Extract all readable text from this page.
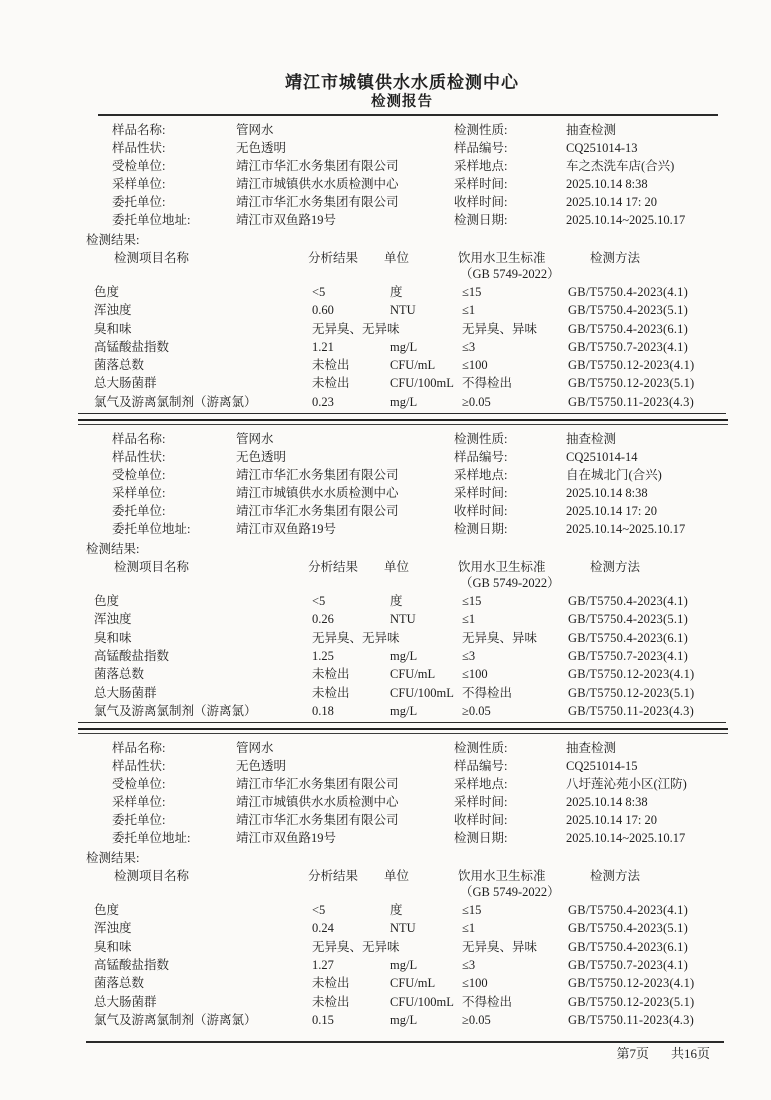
靖江市城镇供水水质检测中心
检测报告
样品名称:	管网水	检测性质:	抽查检测
样品性状:	无色透明	样品编号:	CQ251014-13
受检单位:	靖江市华汇水务集团有限公司	采样地点:	车之杰洗车店(合兴)
采样单位:	靖江市城镇供水水质检测中心	采样时间:	2025.10.14 8:38
委托单位:	靖江市华汇水务集团有限公司	收样时间:	2025.10.14 17: 20
委托单位地址:	靖江市双鱼路19号	检测日期:	2025.10.14~2025.10.17
检测结果:
检测项目名称	分析结果	单位	饮用水卫生标准	检测方法
（GB 5749-2022）
色度	<5	度	≤15	GB/T5750.4-2023(4.1)
浑浊度	0.60	NTU	≤1	GB/T5750.4-2023(5.1)
臭和味	无异臭、无异味	无异臭、异味	GB/T5750.4-2023(6.1)
高锰酸盐指数	1.21	mg/L	≤3	GB/T5750.7-2023(4.1)
菌落总数	未检出	CFU/mL	≤100	GB/T5750.12-2023(4.1)
总大肠菌群	未检出	CFU/100mL 不得检出	GB/T5750.12-2023(5.1)
氯气及游离氯制剂（游离氯）	0.23	mg/L	≥0.05	GB/T5750.11-2023(4.3)
样品名称:	管网水	检测性质:	抽查检测
样品性状:	无色透明	样品编号:	CQ251014-14
受检单位:	靖江市华汇水务集团有限公司	采样地点:	自在城北门(合兴)
采样单位:	靖江市城镇供水水质检测中心	采样时间:	2025.10.14 8:38
委托单位:	靖江市华汇水务集团有限公司	收样时间:	2025.10.14 17: 20
委托单位地址:	靖江市双鱼路19号	检测日期:	2025.10.14~2025.10.17
检测结果:
检测项目名称	分析结果	单位	饮用水卫生标准	检测方法
（GB 5749-2022）
色度	<5	度	≤15	GB/T5750.4-2023(4.1)
浑浊度	0.26	NTU	≤1	GB/T5750.4-2023(5.1)
臭和味	无异臭、无异味	无异臭、异味	GB/T5750.4-2023(6.1)
高锰酸盐指数	1.25	mg/L	≤3	GB/T5750.7-2023(4.1)
菌落总数	未检出	CFU/mL	≤100	GB/T5750.12-2023(4.1)
总大肠菌群	未检出	CFU/100mL 不得检出	GB/T5750.12-2023(5.1)
氯气及游离氯制剂（游离氯）	0.18	mg/L	≥0.05	GB/T5750.11-2023(4.3)
样品名称:	管网水	检测性质:	抽查检测
样品性状:	无色透明	样品编号:	CQ251014-15
受检单位:	靖江市华汇水务集团有限公司	采样地点:	八圩莲沁苑小区(江防)
采样单位:	靖江市城镇供水水质检测中心	采样时间:	2025.10.14 8:38
委托单位:	靖江市华汇水务集团有限公司	收样时间:	2025.10.14 17: 20
委托单位地址:	靖江市双鱼路19号	检测日期:	2025.10.14~2025.10.17
检测结果:
检测项目名称	分析结果	单位	饮用水卫生标准	检测方法
（GB 5749-2022）
色度	<5	度	≤15	GB/T5750.4-2023(4.1)
浑浊度	0.24	NTU	≤1	GB/T5750.4-2023(5.1)
臭和味	无异臭、无异味	无异臭、异味	GB/T5750.4-2023(6.1)
高锰酸盐指数	1.27	mg/L	≤3	GB/T5750.7-2023(4.1)
菌落总数	未检出	CFU/mL	≤100	GB/T5750.12-2023(4.1)
总大肠菌群	未检出	CFU/100mL 不得检出	GB/T5750.12-2023(5.1)
氯气及游离氯制剂（游离氯）	0.15	mg/L	≥0.05	GB/T5750.11-2023(4.3)
第7页 共16页
